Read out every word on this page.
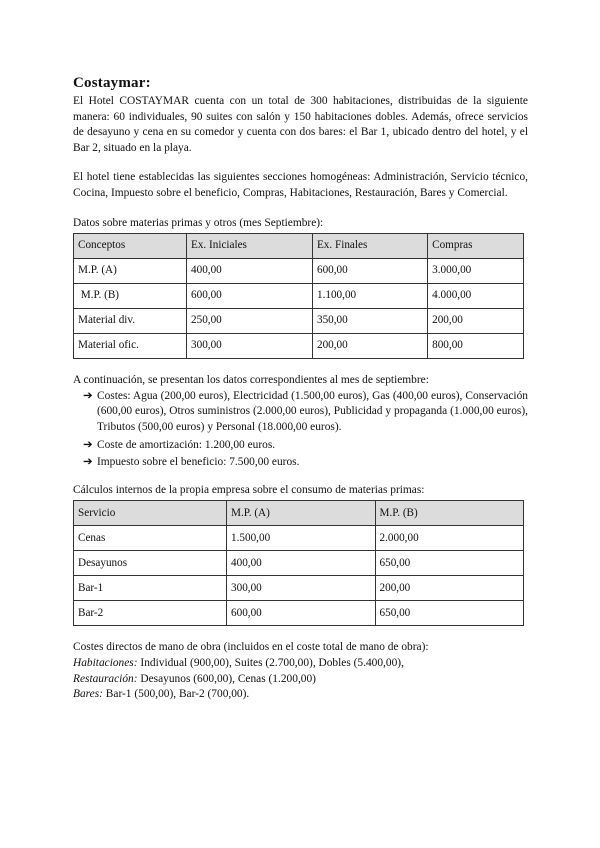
Costaymar:

El Hotel COSTAYMAR cuenta con un total de 300 habitaciones, distribuidas de la siguiente manera: 60 individuales, 90 suites con salón y 150 habitaciones dobles. Además, ofrece servicios de desayuno y cena en su comedor y cuenta con dos bares: el Bar 1, ubicado dentro del hotel, y el Bar 2, situado en la playa.

El hotel tiene establecidas las siguientes secciones homogéneas: Administración, Servicio técnico, Cocina, Impuesto sobre el beneficio, Compras, Habitaciones, Restauración, Bares y Comercial.

Datos sobre materias primas y otros (mes Septiembre):
Conceptos	Ex. Iniciales	Ex. Finales	Compras
M.P. (A)	400,00	600,00	3.000,00
M.P. (B)	600,00	1.100,00	4.000,00
Material div.	250,00	350,00	200,00
Material ofic.	300,00	200,00	800,00

A continuación, se presentan los datos correspondientes al mes de septiembre:

➔ Costes: Agua (200,00 euros), Electricidad (1.500,00 euros), Gas (400,00 euros), Conservación (600,00 euros), Otros suministros (2.000,00 euros), Publicidad y propaganda (1.000,00 euros), Tributos (500,00 euros) y Personal (18.000,00 euros).
➔ Coste de amortización: 1.200,00 euros.
➔ Impuesto sobre el beneficio: 7.500,00 euros.
Cálculos internos de la propia empresa sobre el consumo de materias primas:
Servicio	M.P. (A)	M.P. (B)
Cenas	1.500,00	2.000,00
Desayunos	400,00	650,00
Bar-1	300,00	200,00
Bar-2	600,00	650,00
Costes directos de mano de obra (incluidos en el coste total de mano de obra):
Habitaciones: Individual (900,00), Suites (2.700,00), Dobles (5.400,00),
Restauración: Desayunos (600,00), Cenas (1.200,00)
Bares: Bar-1 (500,00), Bar-2 (700,00).
